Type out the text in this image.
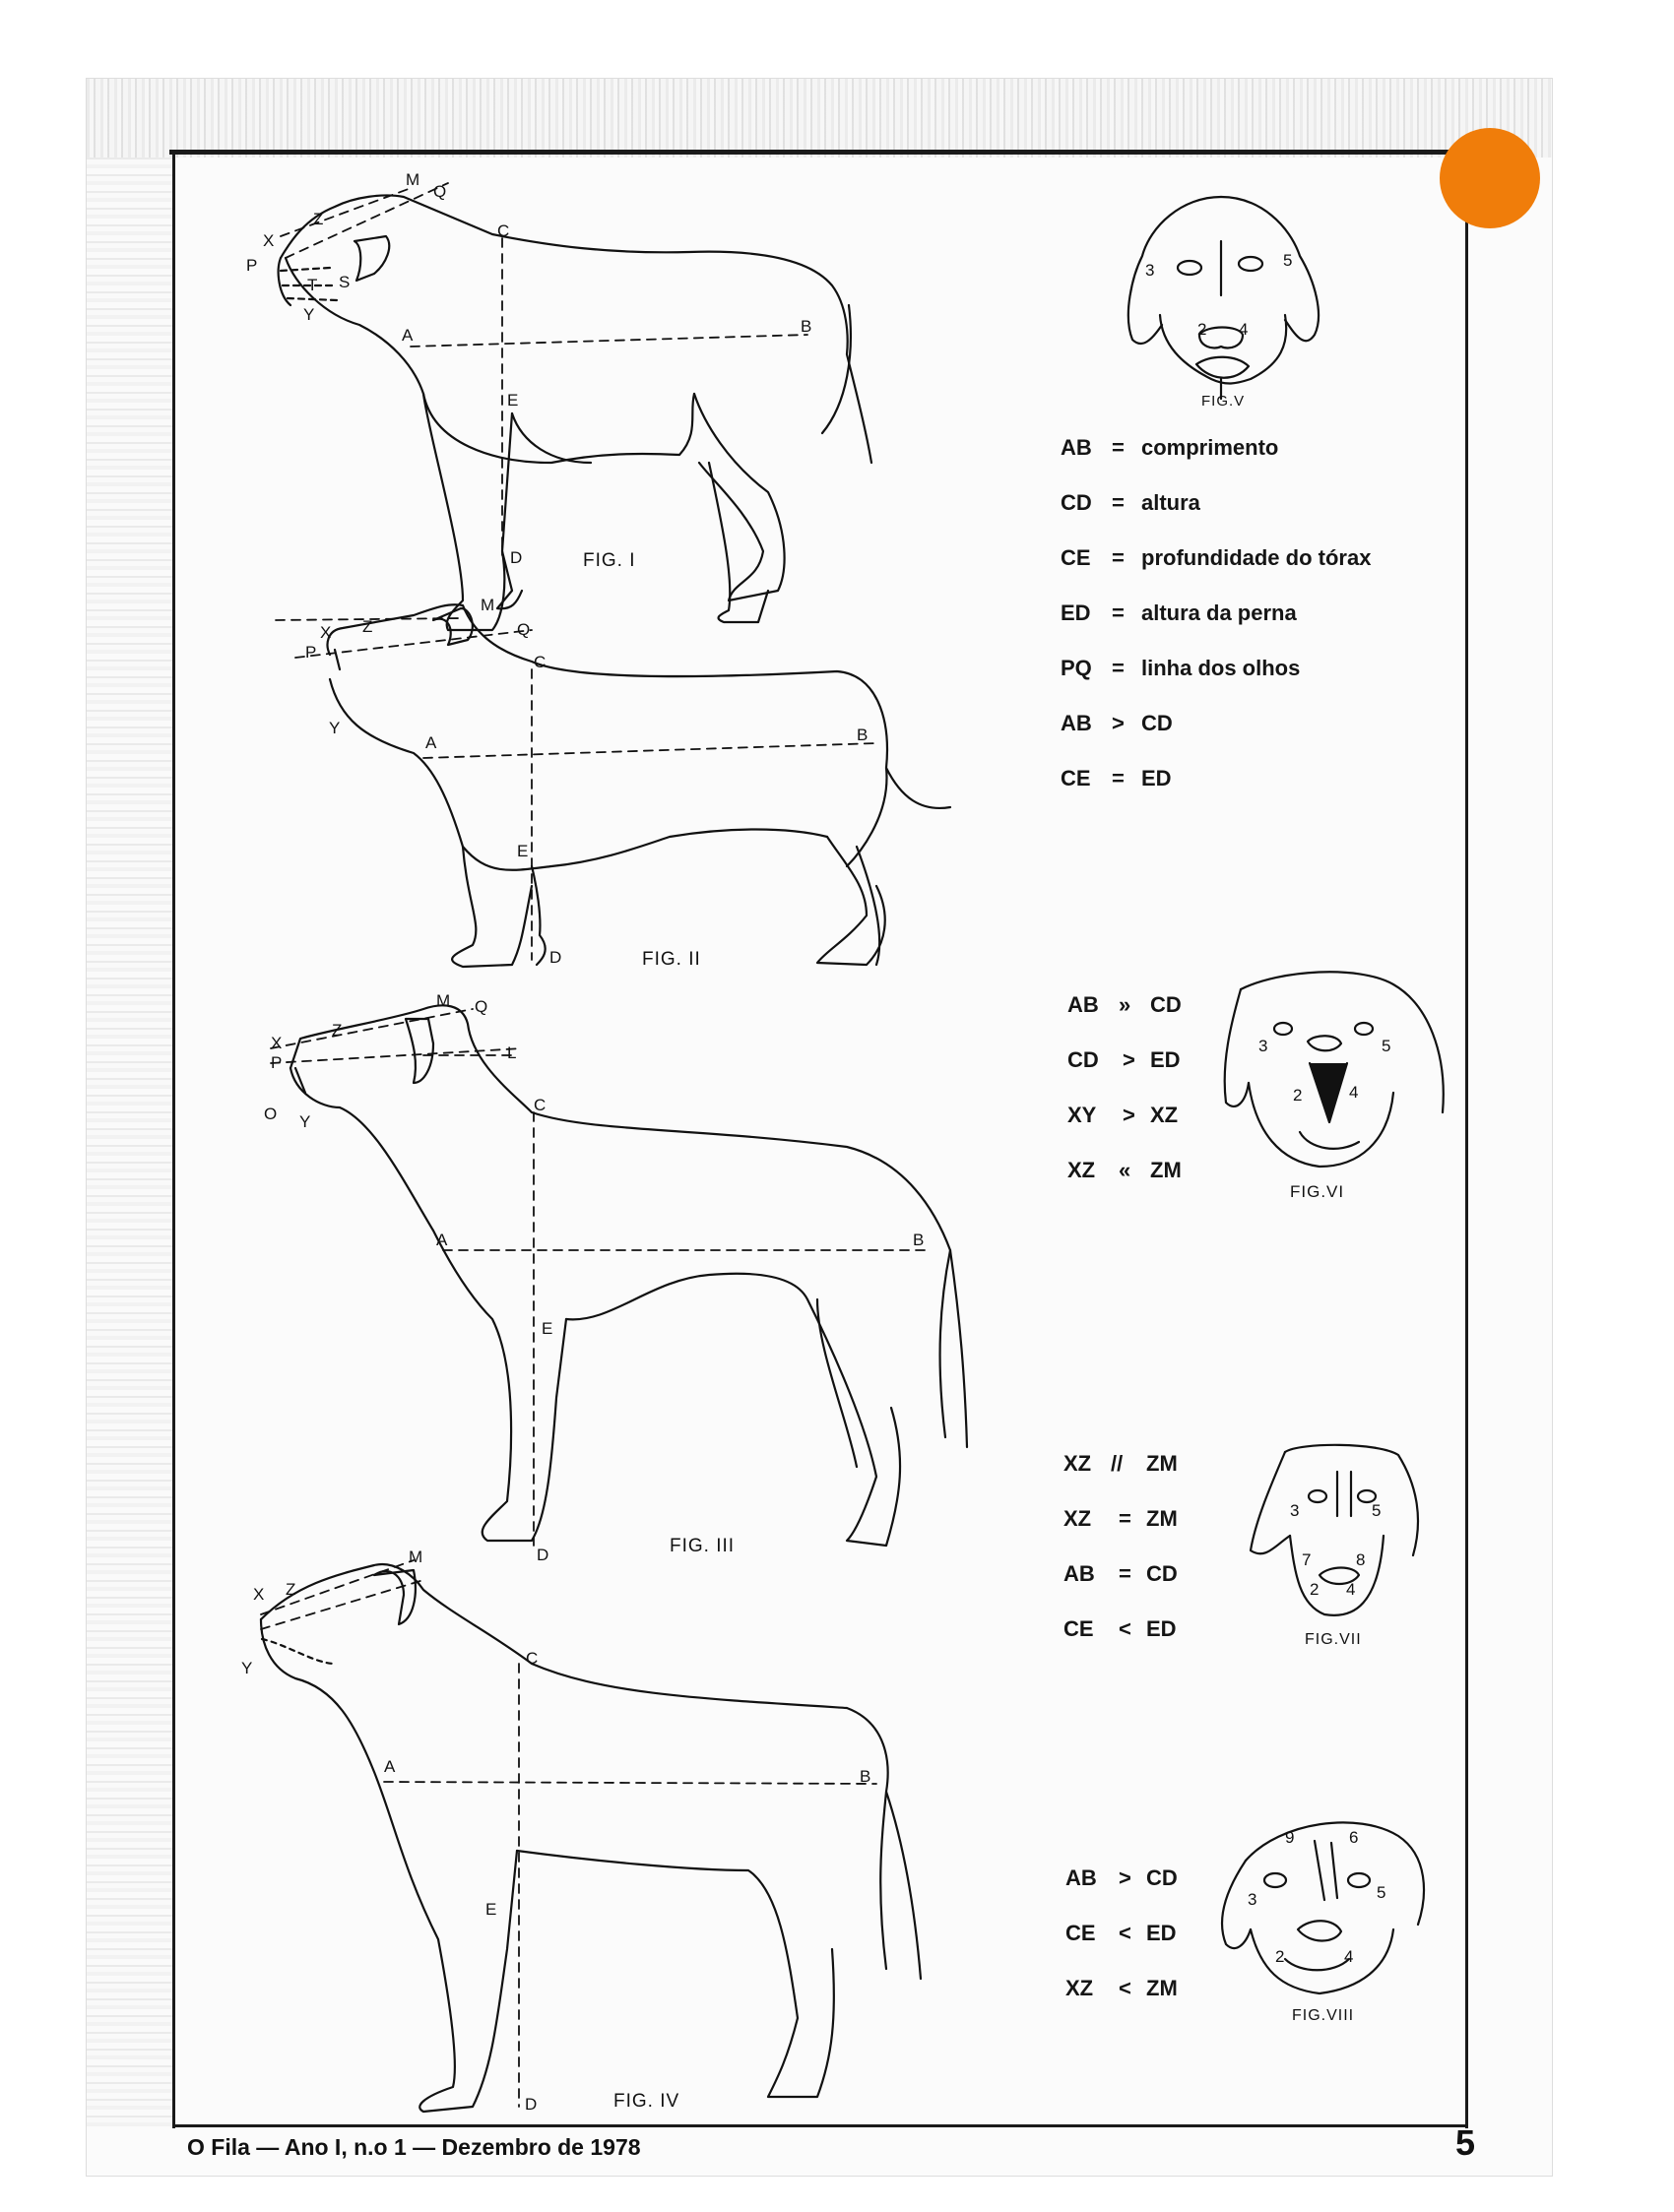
M
Q
C
Z
X
P
T S
Y
A	B
E
D
M
Q
X Z
P
Y
C
A	B
E
D
M Q
X
P
Z
L
O Y
C
A	B
E
D
M
X Z
Y
C
A
B
E
D
3
5
2 4
3	5
2	4
3	5
7	8
2 4
9	6
3	5
2	4
FIG. I
FIG. II
FIG. III
FIG. IV
FIG.V
FIG.VI
FIG.VII
FIG.VIII
AB = comprimento
CD = altura
CE = profundidade do tórax
ED = altura da perna
PQ = linha dos olhos
AB > CD
CE = ED
AB » CD
CD > ED
XY > XZ
XZ « ZM
XZ // ZM
XZ = ZM
AB = CD
CE < ED
AB > CD
CE < ED
XZ < ZM
O Fila — Ano I, n.o 1 — Dezembro de 1978	5
